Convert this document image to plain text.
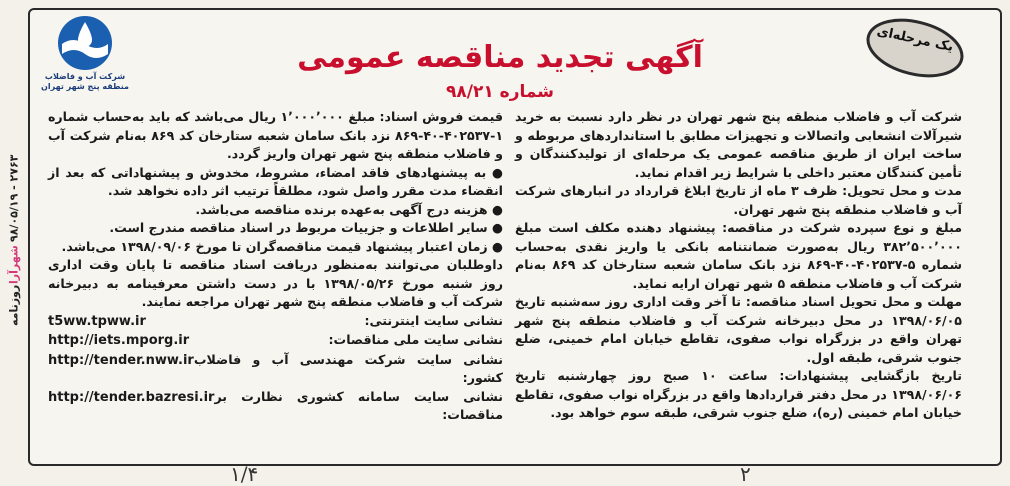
روزنامه
شهرآرا

۹۸/۰۵/۱۹ - ۲۷۶۳
شرکت آب و فاضلاب
منطقه پنج شهر تهران
یک مرحله‌ای
آگهی تجدید مناقصه عمومی
شماره ۹۸/۲۱

شرکت آب و فاضلاب منطقه پنج شهر تهران در نظر دارد نسبت به خرید شیرآلات انشعابی واتصالات و تجهیزات مطابق با استانداردهای مربوطه و ساخت ایران از طریق مناقصه عمومی یک مرحله‌ای از تولیدکنندگان و تأمین کنندگان معتبر داخلی با شرایط زیر اقدام نماید.

مدت و محل تحویل: ظرف ۳ ماه از تاریخ ابلاغ قرارداد در انبارهای شرکت آب و فاضلاب منطقه پنج شهر تهران.

مبلغ و نوع سپرده شرکت در مناقصه: پیشنهاد دهنده مکلف است مبلغ ۳۸۲٬۵۰۰٬۰۰۰ ریال به‌صورت ضمانتنامه بانکی یا واریز نقدی به‌حساب شماره ۵-۴۰۲۵۳۷-۴۰-۸۶۹ نزد بانک سامان شعبه ستارخان کد ۸۶۹ به‌نام شرکت آب و فاضلاب منطقه ۵ شهر تهران ارایه نماید.

مهلت و محل تحویل اسناد مناقصه: تا آخر وقت اداری روز سه‌شنبه تاریخ ۱۳۹۸/۰۶/۰۵ در محل دبیرخانه شرکت آب و فاضلاب منطقه پنج شهر تهران واقع در بزرگراه نواب صفوی، تقاطع خیابان امام خمینی، ضلع جنوب شرقی، طبقه اول.

تاریخ بازگشایی پیشنهادات: ساعت ۱۰ صبح روز چهارشنبه تاریخ ۱۳۹۸/۰۶/۰۶ در محل دفتر قراردادها واقع در بزرگراه نواب صفوی، تقاطع خیابان امام خمینی (ره)، ضلع جنوب شرقی، طبقه سوم خواهد بود.

قیمت فروش اسناد: مبلغ ۱٬۰۰۰٬۰۰۰ ریال می‌باشد که باید به‌حساب شماره ۱-۴۰۲۵۳۷-۴۰-۸۶۹ نزد بانک سامان شعبه ستارخان کد ۸۶۹ به‌نام شرکت آب و فاضلاب منطقه پنج شهر تهران واریز گردد.

● به پیشنهادهای فاقد امضاء، مشروط، مخدوش و پیشنهاداتی که بعد از انقضاء مدت مقرر واصل شود، مطلقاً ترتیب اثر داده نخواهد شد.

● هزینه درج آگهی به‌عهده برنده مناقصه می‌باشد.

● سایر اطلاعات و جزییات مربوط در اسناد مناقصه مندرج است.

● زمان اعتبار پیشنهاد قیمت مناقصه‌گران تا مورخ ۱۳۹۸/۰۹/۰۶ می‌باشد.

داوطلبان می‌توانند به‌منظور دریافت اسناد مناقصه تا پایان وقت اداری روز شنبه مورخ ۱۳۹۸/۰۵/۲۶ با در دست داشتن معرفینامه به دبیرخانه شرکت آب و فاضلاب منطقه پنج شهر تهران مراجعه نمایند.

نشانی سایت اینترنتی:
t5ww.tpww.ir
نشانی سایت ملی مناقصات:
http://iets.mporg.ir
نشانی سایت شرکت مهندسی آب و فاضلاب کشور:
http://tender.nww.ir
نشانی سایت سامانه کشوری نظارت بر مناقصات:
http://tender.bazresi.ir
۱/۴	۲
